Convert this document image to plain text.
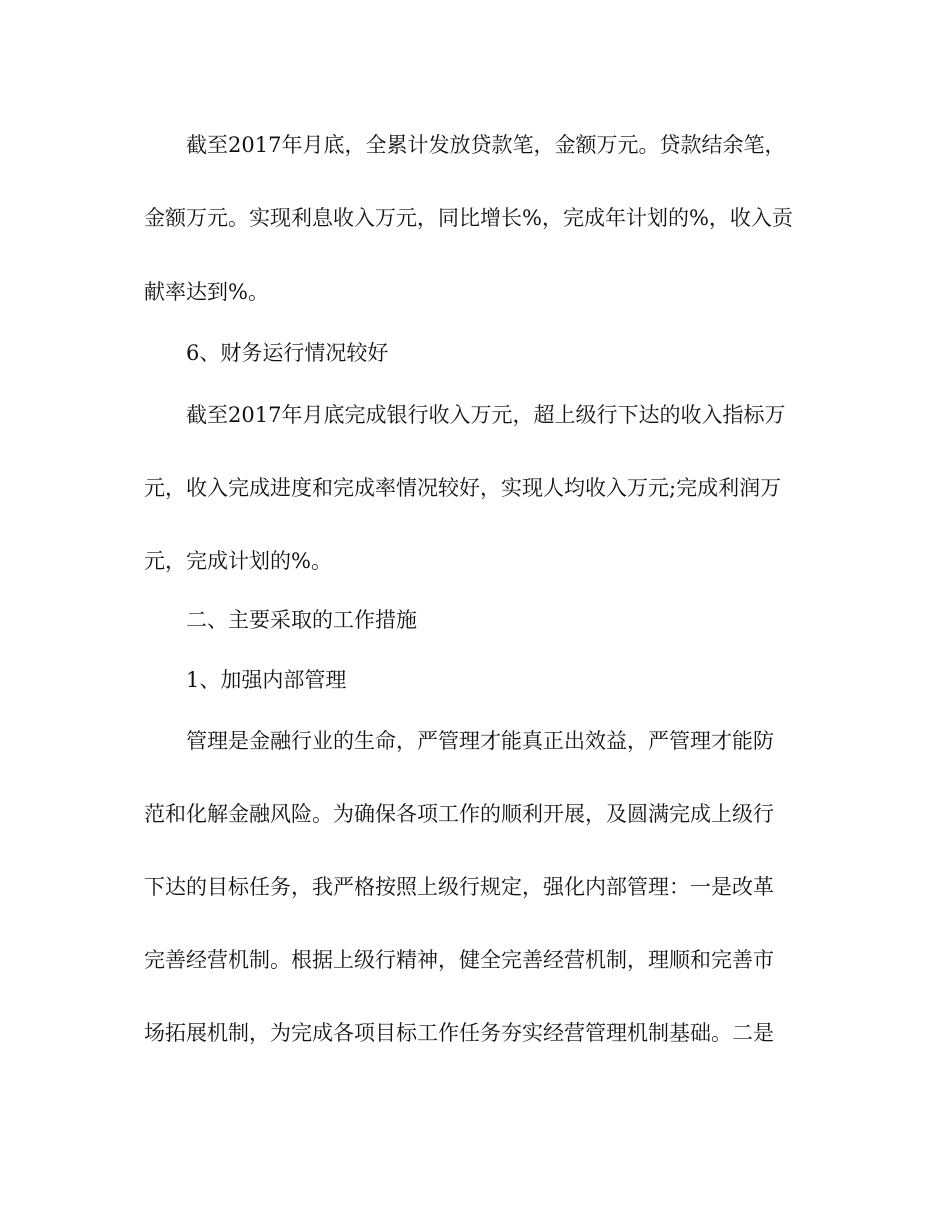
截至2017年月底，全累计发放贷款笔，金额万元。贷款结余笔，
金额万元。实现利息收入万元，同比增长%，完成年计划的%，收入贡
献率达到%。
6、财务运行情况较好
截至2017年月底完成银行收入万元，超上级行下达的收入指标万
元，收入完成进度和完成率情况较好，实现人均收入万元;完成利润万
元，完成计划的%。
二、主要采取的工作措施
1、加强内部管理
管理是金融行业的生命，严管理才能真正出效益，严管理才能防
范和化解金融风险。为确保各项工作的顺利开展，及圆满完成上级行
下达的目标任务，我严格按照上级行规定，强化内部管理：一是改革
完善经营机制。根据上级行精神，健全完善经营机制，理顺和完善市
场拓展机制，为完成各项目标工作任务夯实经营管理机制基础。二是
